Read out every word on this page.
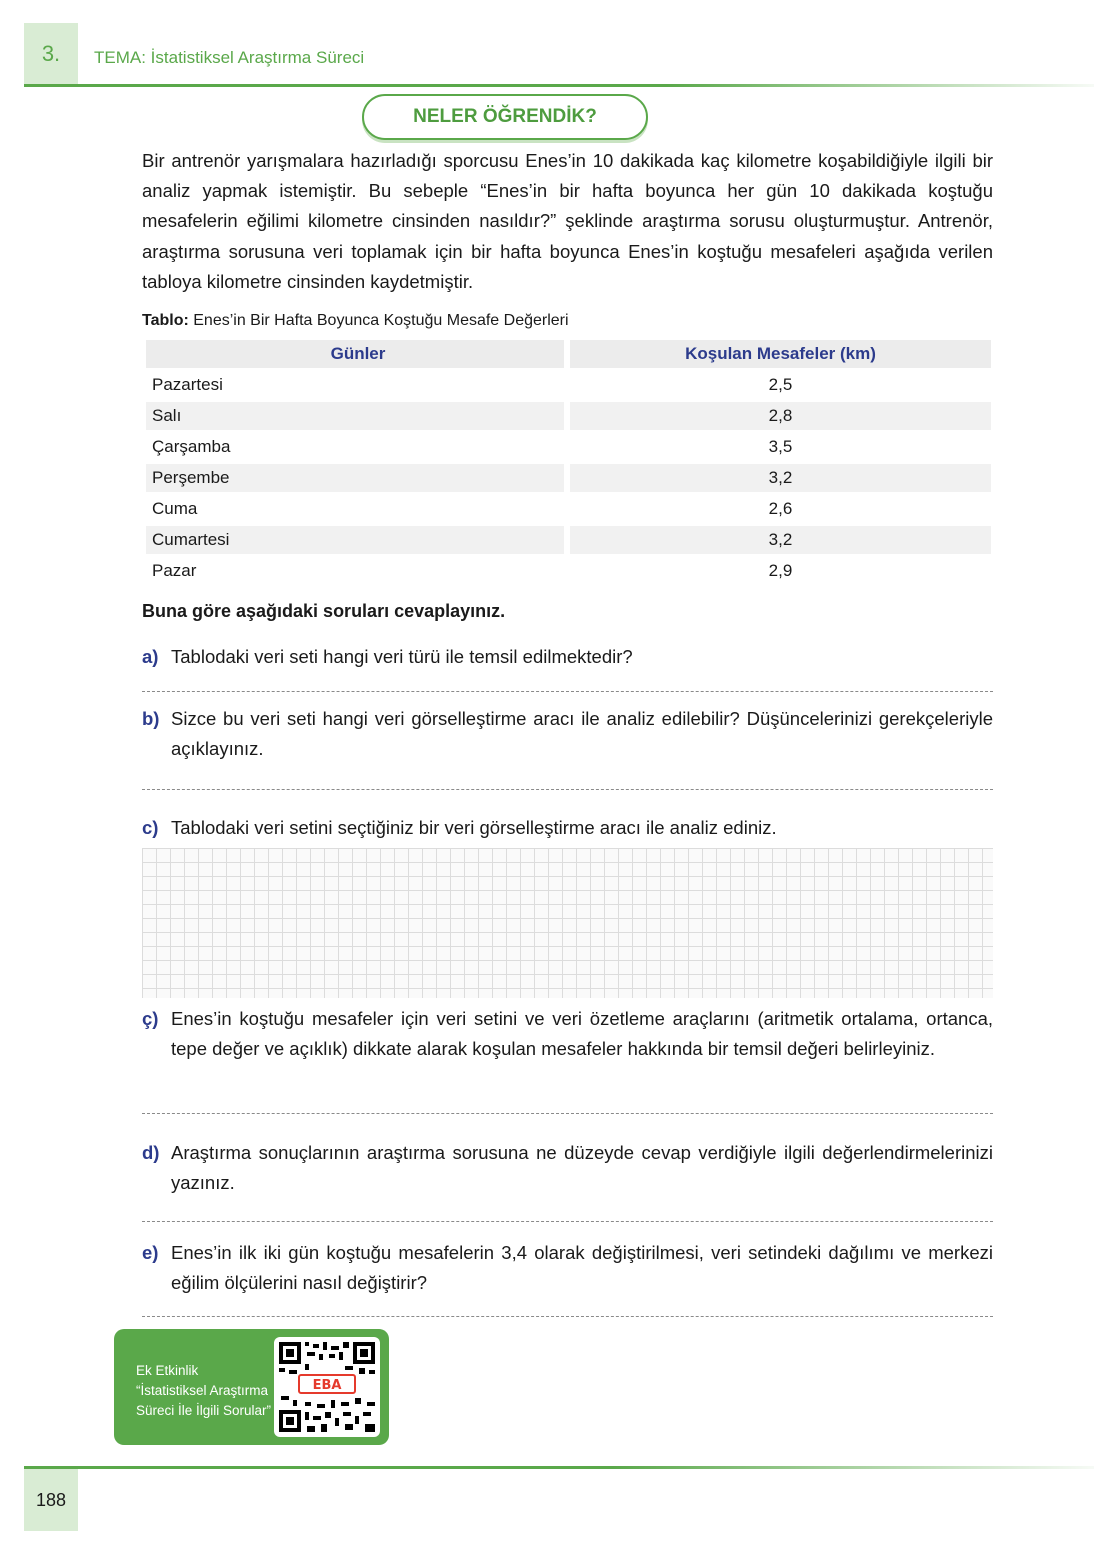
3.	TEMA: İstatistiksel Araştırma Süreci
NELER ÖĞRENDİK?

Bir antrenör yarışmalara hazırladığı sporcusu Enes’in 10 dakikada kaç kilometre koşabildiğiyle ilgili bir analiz yapmak istemiştir. Bu sebeple “Enes’in bir hafta boyunca her gün 10 dakikada koştuğu mesafelerin eğilimi kilometre cinsinden nasıldır?” şeklinde araştırma sorusu oluşturmuştur. Antrenör, araştırma sorusuna veri toplamak için bir hafta boyunca Enes’in koştuğu mesafeleri aşağıda verilen tabloya kilometre cinsinden kaydetmiştir.

Tablo: Enes’in Bir Hafta Boyunca Koştuğu Mesafe Değerleri
Günler	Koşulan Mesafeler (km)
Pazartesi	2,5
Salı	2,8
Çarşamba	3,5
Perşembe	3,2
Cuma	2,6
Cumartesi	3,2
Pazar	2,9
Buna göre aşağıdaki soruları cevaplayınız.
a) Tablodaki veri seti hangi veri türü ile temsil edilmektedir?
b) Sizce bu veri seti hangi veri görselleştirme aracı ile analiz edilebilir? Düşüncelerinizi gerekçeleriyle açıklayınız.
c) Tablodaki veri setini seçtiğiniz bir veri görselleştirme aracı ile analiz ediniz.
ç) Enes’in koştuğu mesafeler için veri setini ve veri özetleme araçlarını (aritmetik ortalama, ortanca, tepe değer ve açıklık) dikkate alarak koşulan mesafeler hakkında bir temsil değeri belirleyiniz.
d) Araştırma sonuçlarının araştırma sorusuna ne düzeyde cevap verdiğiyle ilgili değerlendirmelerinizi yazınız.
e) Enes’in ilk iki gün koştuğu mesafelerin 3,4 olarak değiştirilmesi, veri setindeki dağılımı ve merkezi eğilim ölçülerini nasıl değiştirir?
Ek Etkinlik
“İstatistiksel Araştırma
Süreci İle İlgili Sorular”
EBA
188
